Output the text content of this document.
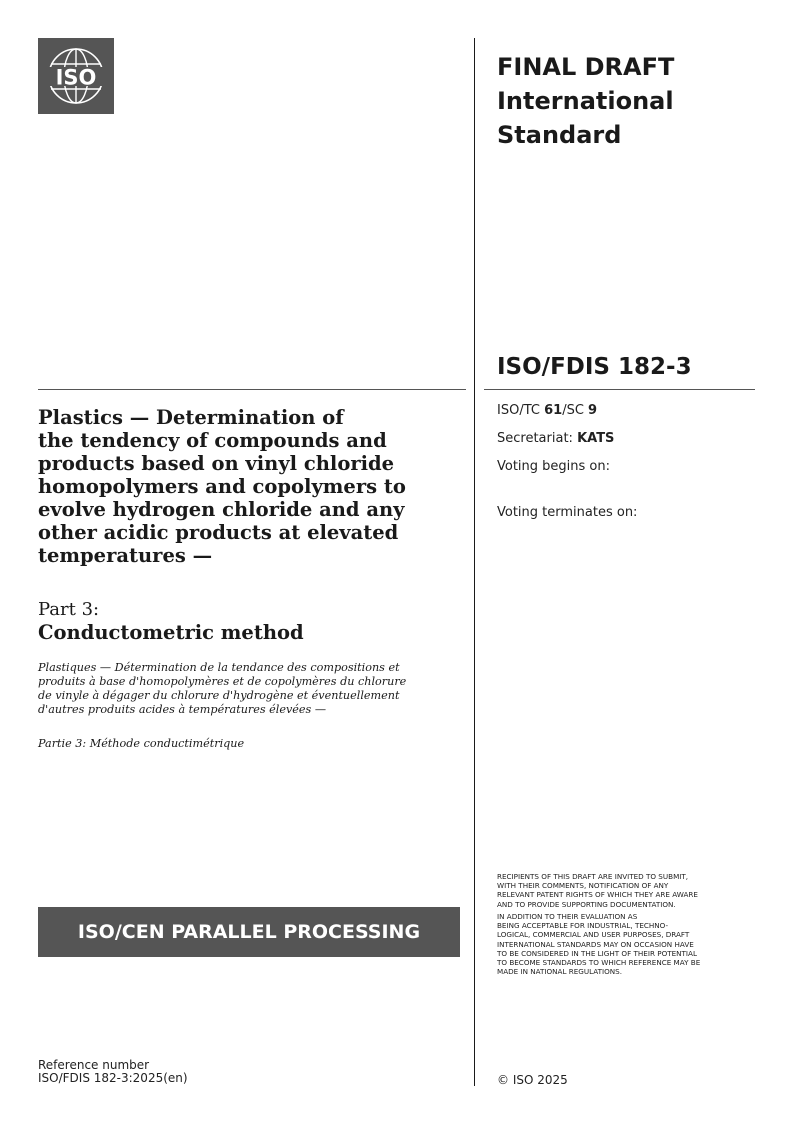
ISO	FINAL DRAFT
International
Standard
ISO/FDIS 182-3
ISO/TC 61/SC 9
Secretariat: KATS
Voting begins on:
Voting terminates on:
Plastics — Determination of
the tendency of compounds and
products based on vinyl chloride
homopolymers and copolymers to
evolve hydrogen chloride and any
other acidic products at elevated
temperatures —
Part 3:
Conductometric method
Plastiques — Détermination de la tendance des compositions et
produits à base d'homopolymères et de copolymères du chlorure
de vinyle à dégager du chlorure d'hydrogène et éventuellement
d'autres produits acides à températures élevées —
Partie 3: Méthode conductimétrique
ISO/CEN PARALLEL PROCESSING
RECIPIENTS OF THIS DRAFT ARE INVITED TO SUBMIT,
WITH THEIR COMMENTS, NOTIFICATION OF ANY
RELEVANT PATENT RIGHTS OF WHICH THEY ARE AWARE
AND TO PROVIDE SUPPORTING DOCUMENTATION.
IN ADDITION TO THEIR EVALUATION AS
BEING ACCEPTABLE FOR INDUSTRIAL, TECHNO-
LOGICAL, COMMERCIAL AND USER PURPOSES, DRAFT
INTERNATIONAL STANDARDS MAY ON OCCASION HAVE
TO BE CONSIDERED IN THE LIGHT OF THEIR POTENTIAL
TO BECOME STANDARDS TO WHICH REFERENCE MAY BE
MADE IN NATIONAL REGULATIONS.
Reference number
ISO/FDIS 182-3:2025(en)	© ISO 2025
